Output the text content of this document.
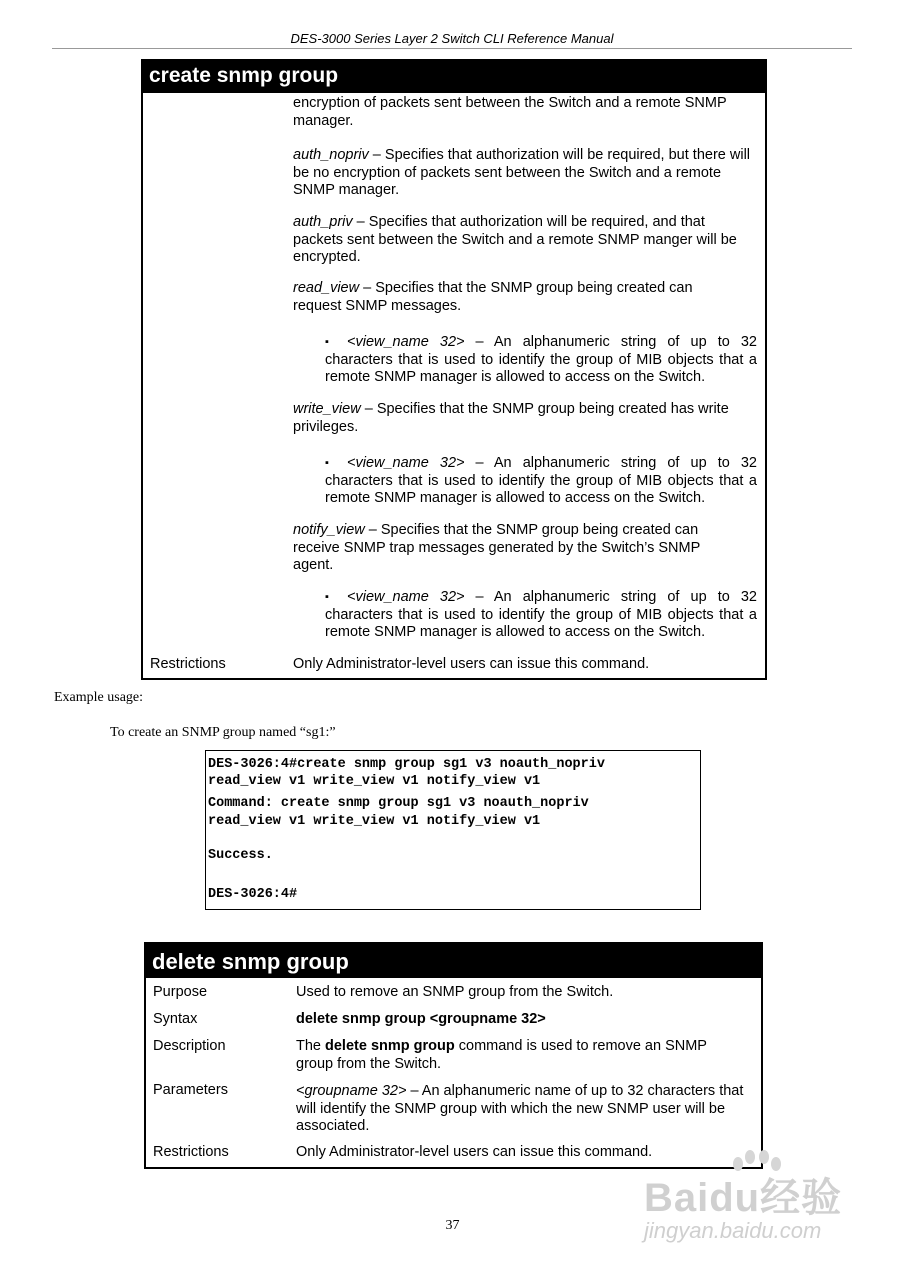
DES-3000 Series Layer 2 Switch CLI Reference Manual
create snmp group
encryption of packets sent between the Switch and a remote SNMP manager.
auth_nopriv – Specifies that authorization will be required, but there will be no encryption of packets sent between the Switch and a remote SNMP manager.
auth_priv – Specifies that authorization will be required, and that packets sent between the Switch and a remote SNMP manger will be encrypted.
read_view – Specifies that the SNMP group being created can request SNMP messages.
▪ <view_name 32> – An alphanumeric string of up to 32 characters that is used to identify the group of MIB objects that a remote SNMP manager is allowed to access on the Switch.
write_view – Specifies that the SNMP group being created has write privileges.
▪ <view_name 32> – An alphanumeric string of up to 32 characters that is used to identify the group of MIB objects that a remote SNMP manager is allowed to access on the Switch.
notify_view – Specifies that the SNMP group being created can receive SNMP trap messages generated by the Switch’s SNMP agent.
▪ <view_name 32> – An alphanumeric string of up to 32 characters that is used to identify the group of MIB objects that a remote SNMP manager is allowed to access on the Switch.
Restrictions	Only Administrator-level users can issue this command.
Example usage:
To create an SNMP group named “sg1:”
DES-3026:4#create snmp group sg1 v3 noauth_nopriv
read_view v1 write_view v1 notify_view v1
Command: create snmp group sg1 v3 noauth_nopriv
read_view v1 write_view v1 notify_view v1
Success.
DES-3026:4#
delete snmp group
Purpose	Used to remove an SNMP group from the Switch.
Syntax	delete snmp group <groupname 32>
Description	The delete snmp group command is used to remove an SNMP group from the Switch.
Parameters	<groupname 32> – An alphanumeric name of up to 32 characters that will identify the SNMP group with which the new SNMP user will be associated.
Restrictions	Only Administrator-level users can issue this command.
37
Baidu经验
jingyan.baidu.com
